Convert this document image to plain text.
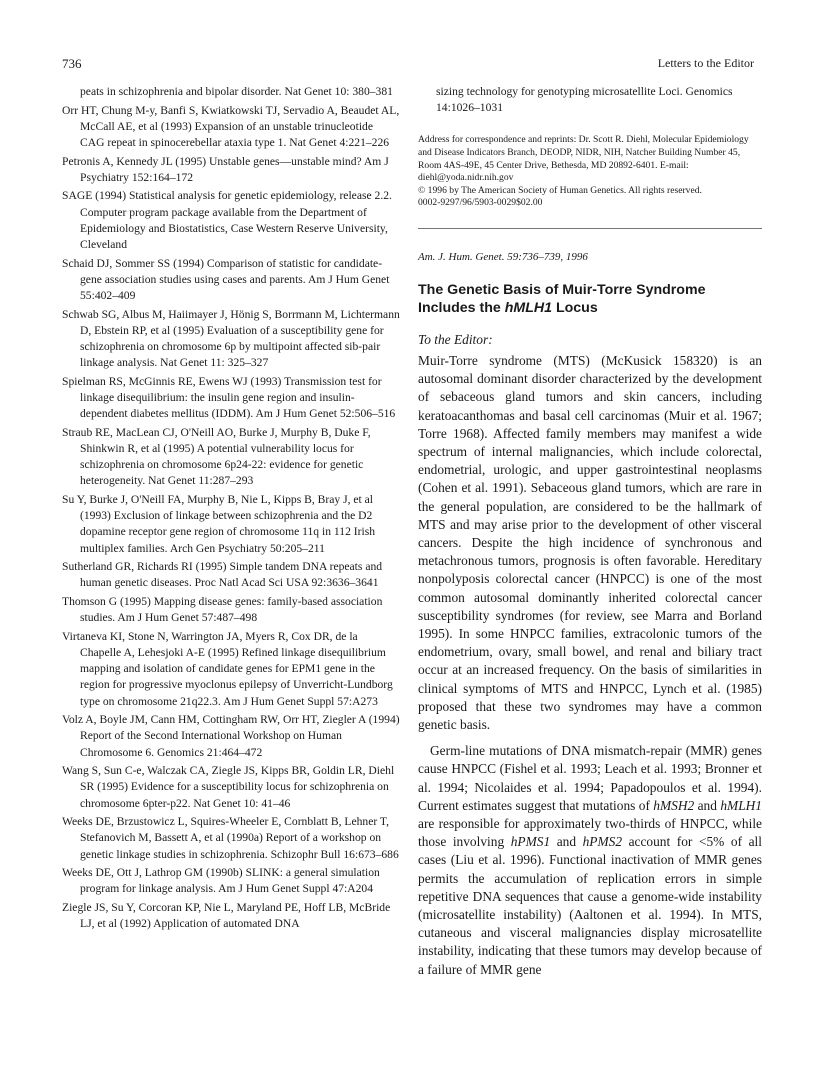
736	Letters to the Editor

peats in schizophrenia and bipolar disorder. Nat Genet 10: 380–381

Orr HT, Chung M-y, Banfi S, Kwiatkowski TJ, Servadio A, Beaudet AL, McCall AE, et al (1993) Expansion of an unstable trinucleotide CAG repeat in spinocerebellar ataxia type 1. Nat Genet 4:221–226

Petronis A, Kennedy JL (1995) Unstable genes—unstable mind? Am J Psychiatry 152:164–172

SAGE (1994) Statistical analysis for genetic epidemiology, release 2.2. Computer program package available from the Department of Epidemiology and Biostatistics, Case Western Reserve University, Cleveland

Schaid DJ, Sommer SS (1994) Comparison of statistic for candidate-gene association studies using cases and parents. Am J Hum Genet 55:402–409

Schwab SG, Albus M, Haiimayer J, Hönig S, Borrmann M, Lichtermann D, Ebstein RP, et al (1995) Evaluation of a susceptibility gene for schizophrenia on chromosome 6p by multipoint affected sib-pair linkage analysis. Nat Genet 11: 325–327

Spielman RS, McGinnis RE, Ewens WJ (1993) Transmission test for linkage disequilibrium: the insulin gene region and insulin-dependent diabetes mellitus (IDDM). Am J Hum Genet 52:506–516

Straub RE, MacLean CJ, O'Neill AO, Burke J, Murphy B, Duke F, Shinkwin R, et al (1995) A potential vulnerability locus for schizophrenia on chromosome 6p24-22: evidence for genetic heterogeneity. Nat Genet 11:287–293

Su Y, Burke J, O'Neill FA, Murphy B, Nie L, Kipps B, Bray J, et al (1993) Exclusion of linkage between schizophrenia and the D2 dopamine receptor gene region of chromosome 11q in 112 Irish multiplex families. Arch Gen Psychiatry 50:205–211

Sutherland GR, Richards RI (1995) Simple tandem DNA repeats and human genetic diseases. Proc Natl Acad Sci USA 92:3636–3641

Thomson G (1995) Mapping disease genes: family-based association studies. Am J Hum Genet 57:487–498

Virtaneva KI, Stone N, Warrington JA, Myers R, Cox DR, de la Chapelle A, Lehesjoki A-E (1995) Refined linkage disequilibrium mapping and isolation of candidate genes for EPM1 gene in the region for progressive myoclonus epilepsy of Unverricht-Lundborg type on chromosome 21q22.3. Am J Hum Genet Suppl 57:A273

Volz A, Boyle JM, Cann HM, Cottingham RW, Orr HT, Ziegler A (1994) Report of the Second International Workshop on Human Chromosome 6. Genomics 21:464–472

Wang S, Sun C-e, Walczak CA, Ziegle JS, Kipps BR, Goldin LR, Diehl SR (1995) Evidence for a susceptibility locus for schizophrenia on chromosome 6pter-p22. Nat Genet 10: 41–46

Weeks DE, Brzustowicz L, Squires-Wheeler E, Cornblatt B, Lehner T, Stefanovich M, Bassett A, et al (1990a) Report of a workshop on genetic linkage studies in schizophrenia. Schizophr Bull 16:673–686

Weeks DE, Ott J, Lathrop GM (1990b) SLINK: a general simulation program for linkage analysis. Am J Hum Genet Suppl 47:A204

Ziegle JS, Su Y, Corcoran KP, Nie L, Maryland PE, Hoff LB, McBride LJ, et al (1992) Application of automated DNA

sizing technology for genotyping microsatellite Loci. Genomics 14:1026–1031

Address for correspondence and reprints: Dr. Scott R. Diehl, Molecular Epidemiology and Disease Indicators Branch, DEODP, NIDR, NIH, Natcher Building Number 45, Room 4AS-49E, 45 Center Drive, Bethesda, MD 20892-6401. E-mail: diehl@yoda.nidr.nih.gov
© 1996 by The American Society of Human Genetics. All rights reserved.
0002-9297/96/5903-0029$02.00
Am. J. Hum. Genet. 59:736–739, 1996
The Genetic Basis of Muir-Torre Syndrome Includes the hMLH1 Locus

To the Editor:

Muir-Torre syndrome (MTS) (McKusick 158320) is an autosomal dominant disorder characterized by the development of sebaceous gland tumors and skin cancers, including keratoacanthomas and basal cell carcinomas (Muir et al. 1967; Torre 1968). Affected family members may manifest a wide spectrum of internal malignancies, which include colorectal, endometrial, urologic, and upper gastrointestinal neoplasms (Cohen et al. 1991). Sebaceous gland tumors, which are rare in the general population, are considered to be the hallmark of MTS and may arise prior to the development of other visceral cancers. Despite the high incidence of synchronous and metachronous tumors, prognosis is often favorable. Hereditary nonpolyposis colorectal cancer (HNPCC) is one of the most common autosomal dominantly inherited colorectal cancer susceptibility syndromes (for review, see Marra and Borland 1995). In some HNPCC families, extracolonic tumors of the endometrium, ovary, small bowel, and renal and biliary tract occur at an increased frequency. On the basis of similarities in clinical symptoms of MTS and HNPCC, Lynch et al. (1985) proposed that these two syndromes may have a common genetic basis.

Germ-line mutations of DNA mismatch-repair (MMR) genes cause HNPCC (Fishel et al. 1993; Leach et al. 1993; Bronner et al. 1994; Nicolaides et al. 1994; Papadopoulos et al. 1994). Current estimates suggest that mutations of hMSH2 and hMLH1 are responsible for approximately two-thirds of HNPCC, while those involving hPMS1 and hPMS2 account for <5% of all cases (Liu et al. 1996). Functional inactivation of MMR genes permits the accumulation of replication errors in simple repetitive DNA sequences that cause a genome-wide instability (microsatellite instability) (Aaltonen et al. 1994). In MTS, cutaneous and visceral malignancies display microsatellite instability, indicating that these tumors may develop because of a failure of MMR gene
